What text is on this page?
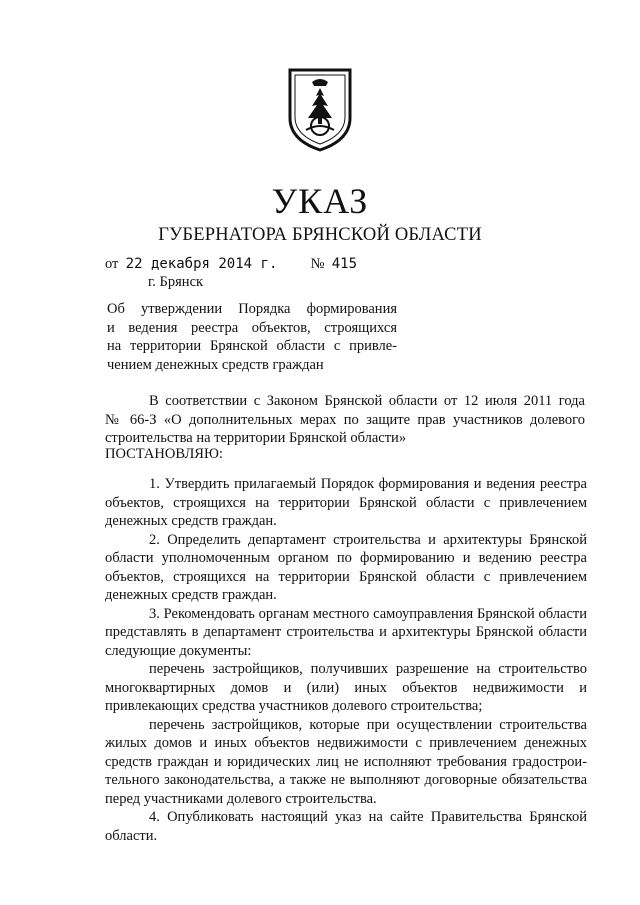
УКАЗ
ГУБЕРНАТОРА БРЯНСКОЙ ОБЛАСТИ
от 22 декабря 2014 г. № 415
г. Брянск
Об утверждении Порядка формирования
и ведения реестра объектов, строящихся
на территории Брянской области с привле-
чением денежных средств граждан
В соответствии с Законом Брянской области от 12 июля 2011 года
№ 66-З «О дополнительных мерах по защите прав участников долевого
строительства на территории Брянской области»
ПОСТАНОВЛЯЮ:
1. Утвердить прилагаемый Порядок формирования и ведения реестра
объектов, строящихся на территории Брянской области с привлечением
денежных средств граждан.
2. Определить департамент строительства и архитектуры Брянской
области уполномоченным органом по формированию и ведению реестра
объектов, строящихся на территории Брянской области с привлечением
денежных средств граждан.
3. Рекомендовать органам местного самоуправления Брянской области
представлять в департамент строительства и архитектуры Брянской области
следующие документы:
перечень застройщиков, получивших разрешение на строительство
многоквартирных домов и (или) иных объектов недвижимости и
привлекающих средства участников долевого строительства;
перечень застройщиков, которые при осуществлении строительства
жилых домов и иных объектов недвижимости с привлечением денежных
средств граждан и юридических лиц не исполняют требования градострои-
тельного законодательства, а также не выполняют договорные обязательства
перед участниками долевого строительства.
4. Опубликовать настоящий указ на сайте Правительства Брянской
области.
